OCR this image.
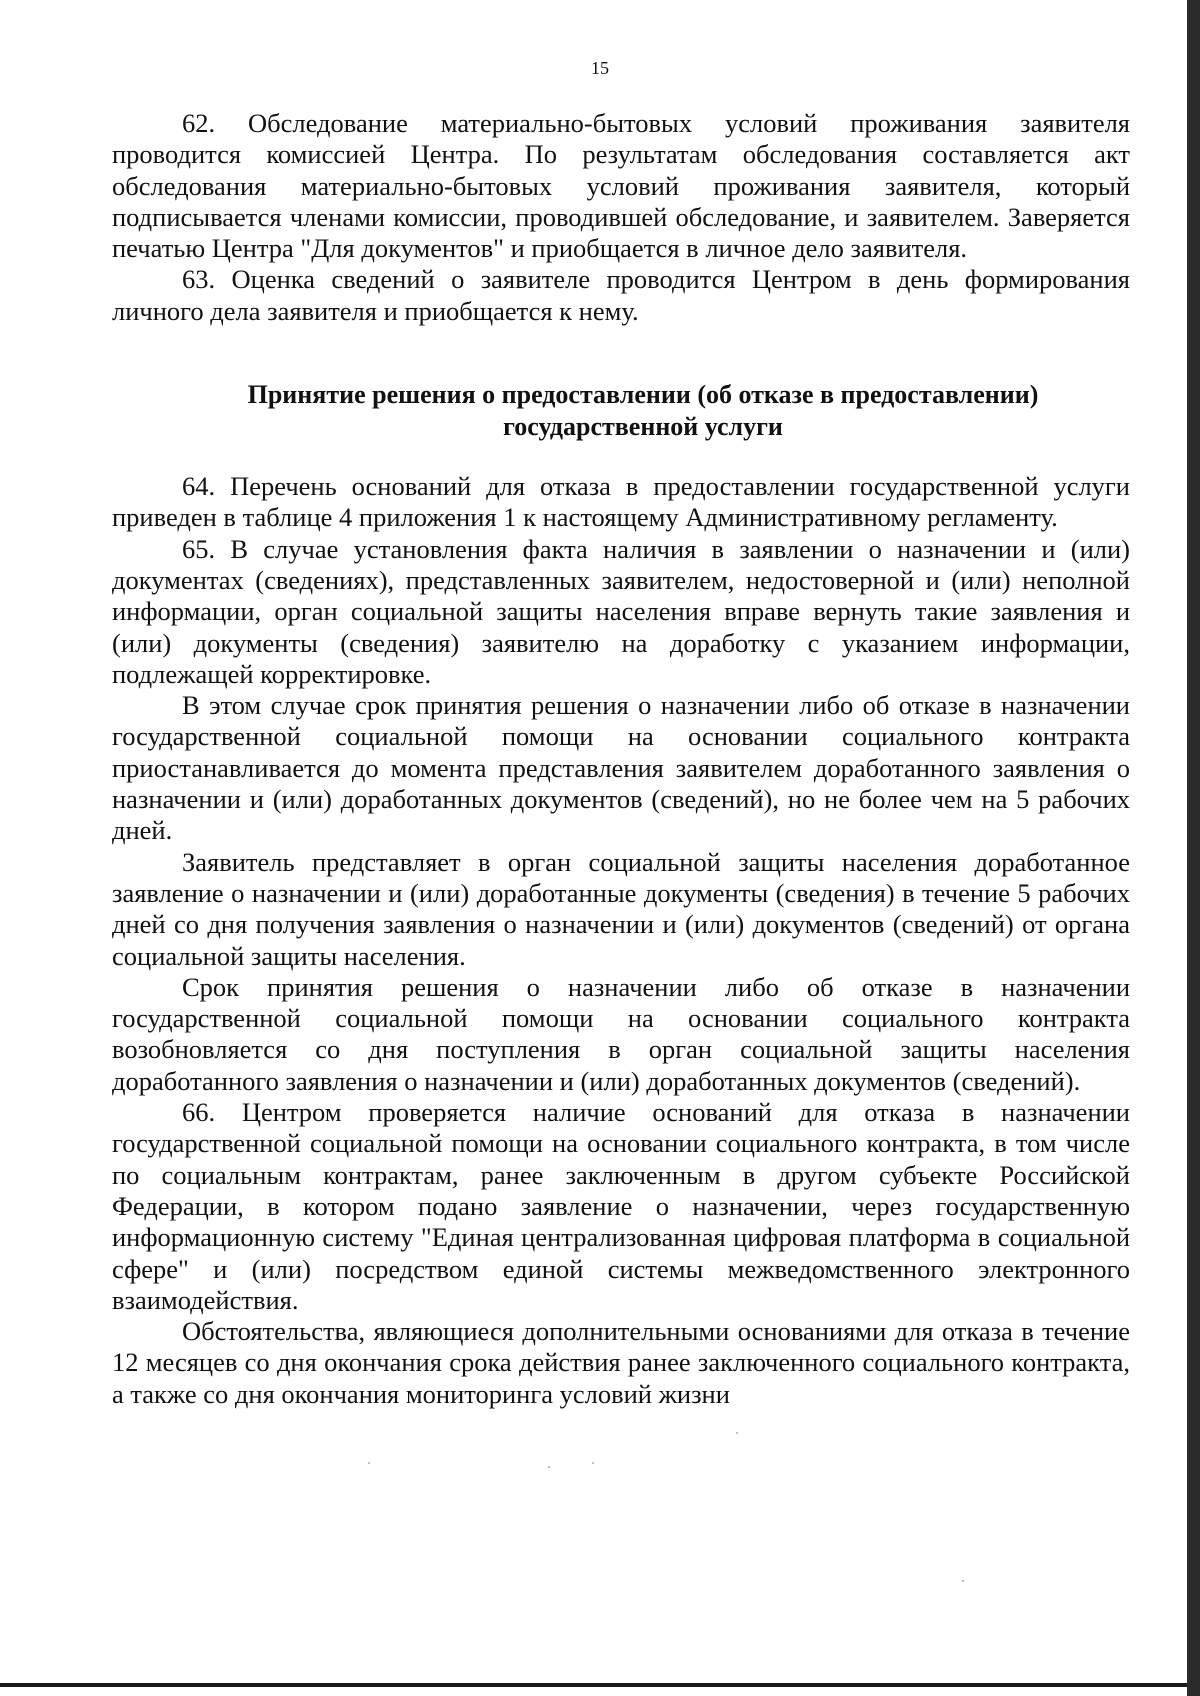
15

62. Обследование материально-бытовых условий проживания заявителя проводится комиссией Центра. По результатам обследования составляется акт обследования материально-бытовых условий проживания заявителя, который подписывается членами комиссии, проводившей обследование, и заявителем. Заверяется печатью Центра "Для документов" и приобщается в личное дело заявителя.

63. Оценка сведений о заявителе проводится Центром в день формирования личного дела заявителя и приобщается к нему.

Принятие решения о предоставлении (об отказе в предоставлении)
государственной услуги

64. Перечень оснований для отказа в предоставлении государственной услуги приведен в таблице 4 приложения 1 к настоящему Административному регламенту.

65. В случае установления факта наличия в заявлении о назначении и (или) документах (сведениях), представленных заявителем, недостоверной и (или) неполной информации, орган социальной защиты населения вправе вернуть такие заявления и (или) документы (сведения) заявителю на доработку с указанием информации, подлежащей корректировке.

В этом случае срок принятия решения о назначении либо об отказе в назначении государственной социальной помощи на основании социального контракта приостанавливается до момента представления заявителем доработанного заявления о назначении и (или) доработанных документов (сведений), но не более чем на 5 рабочих дней.

Заявитель представляет в орган социальной защиты населения доработанное заявление о назначении и (или) доработанные документы (сведения) в течение 5 рабочих дней со дня получения заявления о назначении и (или) документов (сведений) от органа социальной защиты населения.

Срок принятия решения о назначении либо об отказе в назначении государственной социальной помощи на основании социального контракта возобновляется со дня поступления в орган социальной защиты населения доработанного заявления о назначении и (или) доработанных документов (сведений).

66. Центром проверяется наличие оснований для отказа в назначении государственной социальной помощи на основании социального контракта, в том числе по социальным контрактам, ранее заключенным в другом субъекте Российской Федерации, в котором подано заявление о назначении, через государственную информационную систему "Единая централизованная цифровая платформа в социальной сфере" и (или) посредством единой системы межведомственного электронного взаимодействия.

Обстоятельства, являющиеся дополнительными основаниями для отказа в течение 12 месяцев со дня окончания срока действия ранее заключенного социального контракта, а также со дня окончания мониторинга условий жизни
